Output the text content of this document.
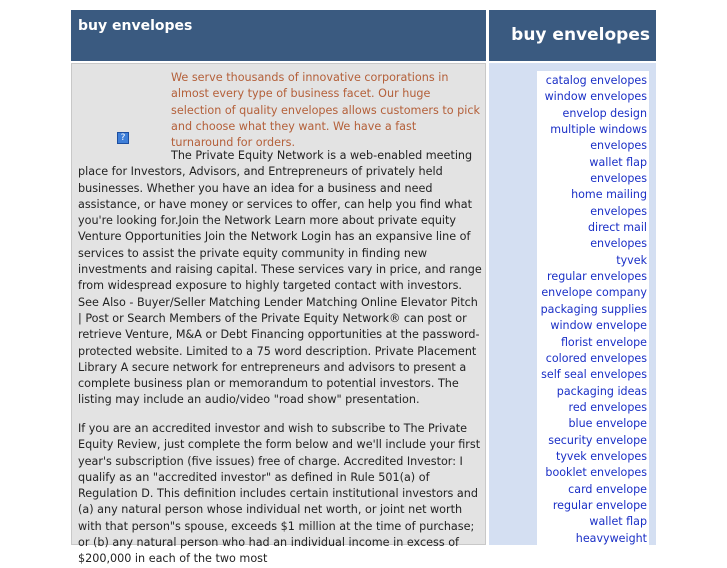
buy envelopes	buy envelopes
?

We serve thousands of innovative corporations in almost every type of business facet. Our huge selection of quality envelopes allows customers to pick and choose what they want. We have a fast turnaround for orders.

The Private Equity Network is a web-enabled meeting place for Investors, Advisors, and Entrepreneurs of privately held businesses. Whether you have an idea for a business and need assistance, or have money or services to offer, can help you find what you're looking for.Join the Network Learn more about private equity Venture Opportunities Join the Network Login has an expansive line of services to assist the private equity community in finding new investments and raising capital. These services vary in price, and range from widespread exposure to highly targeted contact with investors. See Also - Buyer/Seller Matching Lender Matching Online Elevator Pitch | Post or Search Members of the Private Equity Network® can post or retrieve Venture, M&A or Debt Financing opportunities at the password-protected website. Limited to a 75 word description. Private Placement Library A secure network for entrepreneurs and advisors to present a complete business plan or memorandum to potential investors. The listing may include an audio/video "road show" presentation.

If you are an accredited investor and wish to subscribe to The Private Equity Review, just complete the form below and we'll include your first year's subscription (five issues) free of charge. Accredited Investor: I qualify as an "accredited investor" as defined in Rule 501(a) of Regulation D. This definition includes certain institutional investors and (a) any natural person whose individual net worth, or joint net worth with that person"s spouse, exceeds $1 million at the time of purchase; or (b) any natural person who had an individual income in excess of $200,000 in each of the two most

catalog envelopes
window envelopes
envelop design
multiple windows envelopes
wallet flap envelopes
home mailing envelopes
direct mail envelopes
tyvek
regular envelopes
envelope company
packaging supplies
window envelope
florist envelope
colored envelopes
self seal envelopes
packaging ideas
red envelopes
blue envelope
security envelope
tyvek envelopes
booklet envelopes
card envelope
regular envelope
wallet flap
heavyweight
